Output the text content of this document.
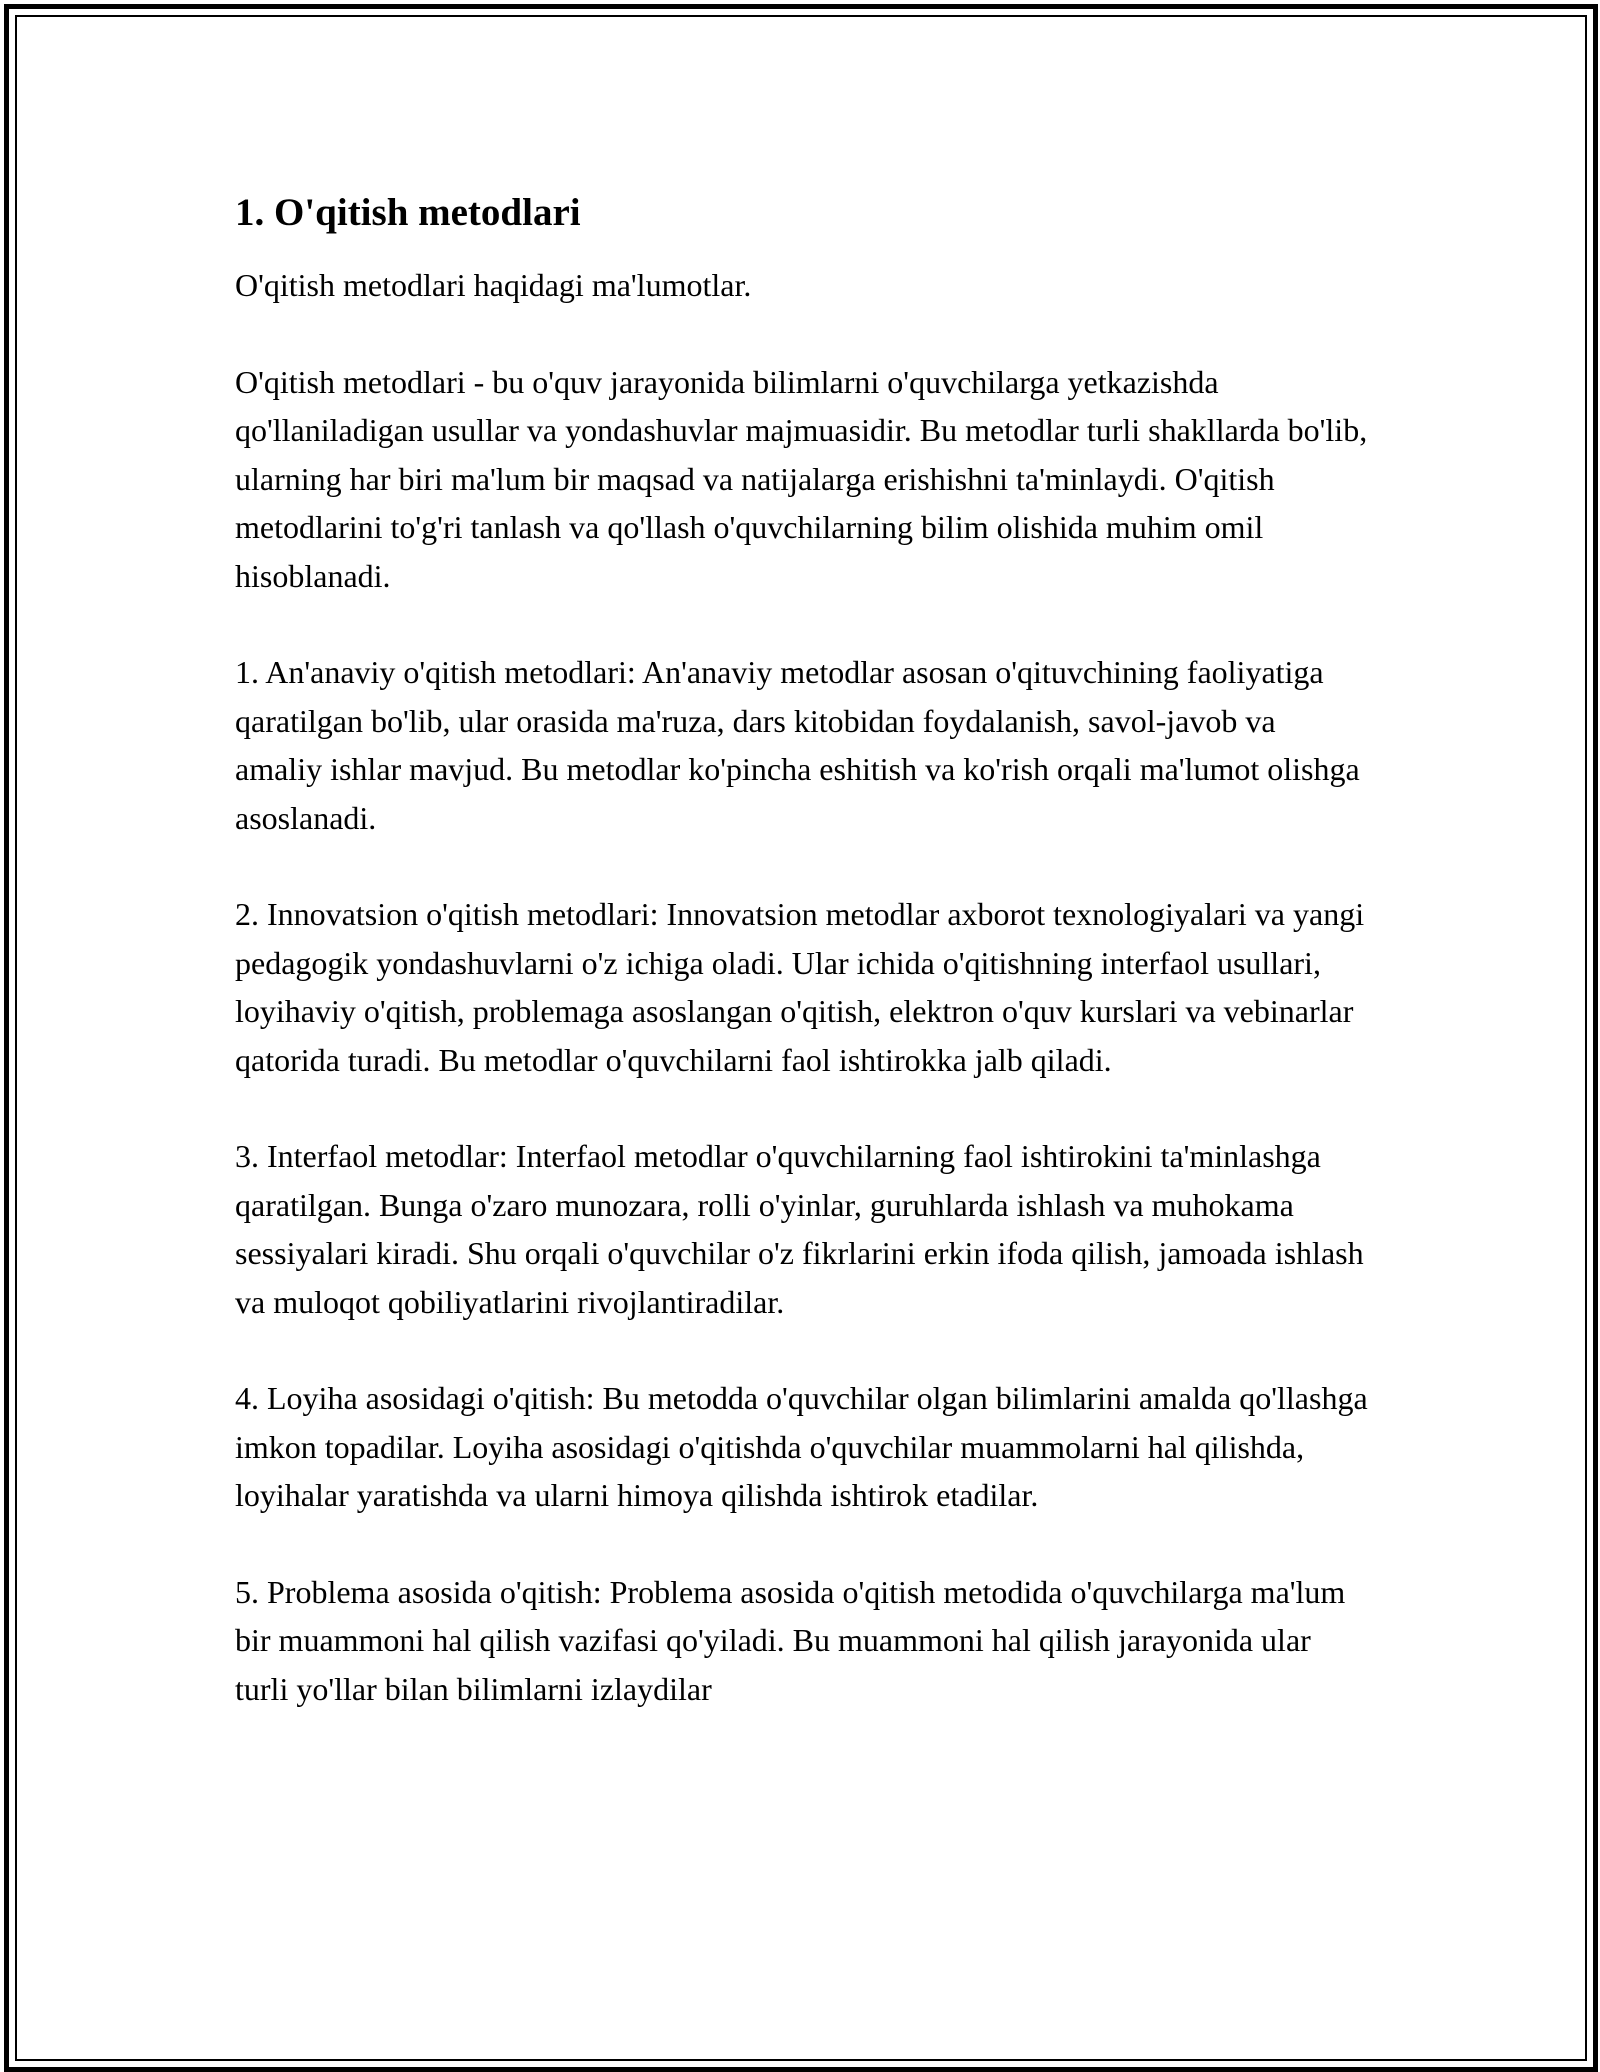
1. O'qitish metodlari

O'qitish metodlari haqidagi ma'lumotlar.

O'qitish metodlari - bu o'quv jarayonida bilimlarni o'quvchilarga yetkazishda qo'llaniladigan usullar va yondashuvlar majmuasidir. Bu metodlar turli shakllarda bo'lib, ularning har biri ma'lum bir maqsad va natijalarga erishishni ta'minlaydi. O'qitish metodlarini to'g'ri tanlash va qo'llash o'quvchilarning bilim olishida muhim omil hisoblanadi.

1. An'anaviy o'qitish metodlari: An'anaviy metodlar asosan o'qituvchining faoliyatiga qaratilgan bo'lib, ular orasida ma'ruza, dars kitobidan foydalanish, savol-javob va amaliy ishlar mavjud. Bu metodlar ko'pincha eshitish va ko'rish orqali ma'lumot olishga asoslanadi.

2. Innovatsion o'qitish metodlari: Innovatsion metodlar axborot texnologiyalari va yangi pedagogik yondashuvlarni o'z ichiga oladi. Ular ichida o'qitishning interfaol usullari, loyihaviy o'qitish, problemaga asoslangan o'qitish, elektron o'quv kurslari va vebinarlar qatorida turadi. Bu metodlar o'quvchilarni faol ishtirokka jalb qiladi.

3. Interfaol metodlar: Interfaol metodlar o'quvchilarning faol ishtirokini ta'minlashga qaratilgan. Bunga o'zaro munozara, rolli o'yinlar, guruhlarda ishlash va muhokama sessiyalari kiradi. Shu orqali o'quvchilar o'z fikrlarini erkin ifoda qilish, jamoada ishlash va muloqot qobiliyatlarini rivojlantiradilar.

4. Loyiha asosidagi o'qitish: Bu metodda o'quvchilar olgan bilimlarini amalda qo'llashga imkon topadilar. Loyiha asosidagi o'qitishda o'quvchilar muammolarni hal qilishda, loyihalar yaratishda va ularni himoya qilishda ishtirok etadilar.

5. Problema asosida o'qitish: Problema asosida o'qitish metodida o'quvchilarga ma'lum bir muammoni hal qilish vazifasi qo'yiladi. Bu muammoni hal qilish jarayonida ular turli yo'llar bilan bilimlarni izlaydilar
